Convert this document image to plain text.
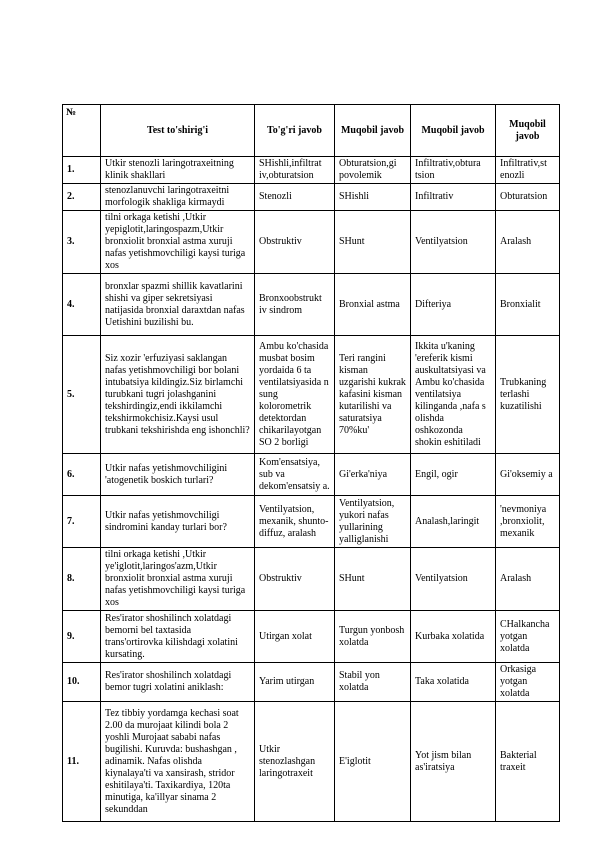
№	Test to'shirig'i	To'g'ri javob	Muqobil javob	Muqobil javob	Muqobil javob
1.	Utkir stenozli laringotraxeitning klinik shakllari	SHishli,infiltrat iv,obturatsion	Obturatsion,gi povolemik	Infiltrativ,obtura tsion	Infiltrativ,st enozli
2.	stenozlanuvchi laringotraxeitni morfologik shakliga kirmaydi	Stenozli	SHishli	Infiltrativ	Obturatsion
3.	tilni orkaga ketishi ,Utkir yepiglotit,laringospazm,Utkir bronxiolit bronxial astma xuruji nafas yetishmovchiligi kaysi turiga xos	Obstruktiv	SHunt	Ventilyatsion	Aralash
4.	bronxlar spazmi shillik kavatlarini shishi va giper sekretsiyasi natijasida bronxial daraxtdan nafas Uetishini buzilishi bu.	Bronxoobstrukt iv sindrom	Bronxial astma	Difteriya	Bronxialit
5.	Siz xozir 'erfuziyasi saklangan nafas yetishmovchiligi bor bolani intubatsiya kildingiz.Siz birlamchi turubkani tugri jolashganini tekshirdingiz,endi ikkilamchi tekshirmokchisiz.Kaysi usul trubkani tekshirishda eng ishonchli?	Ambu ko'chasida musbat bosim yordaida 6 ta ventilatsiyasida n sung kolorometrik detektordan chikarilayotgan SO 2 borligi	Teri rangini kisman uzgarishi kukrak kafasini kisman kutarilishi va saturatsiya 70%ku'	Ikkita u'kaning 'ereferik kismi auskultatsiyasi va Ambu ko'chasida ventilatsiya kilinganda ,nafa s olishda oshkozonda shokin eshitiladi	Trubkaning terlashi kuzatilishi
6.	Utkir nafas yetishmovchiligini 'atogenetik boskich turlari?	Kom'ensatsiya, sub va dekom'ensatsiy a.	Gi'erka'niya	Engil, ogir	Gi'oksemiy a
7.	Utkir nafas yetishmovchiligi sindromini kanday turlari bor?	Ventilyatsion, mexanik, shunto-diffuz, aralash	Ventilyatsion, yukori nafas yullarining yalliglanishi	Analash,laringit	'nevmoniya ,bronxiolit, mexanik
8.	tilni orkaga ketishi ,Utkir ye'iglotit,laringos'azm,Utkir bronxiolit bronxial astma xuruji nafas yetishmovchiligi kaysi turiga xos	Obstruktiv	SHunt	Ventilyatsion	Aralash
9.	Res'irator shoshilinch xolatdagi bemorni bel taxtasida trans'ortirovka kilishdagi xolatini kursating.	Utirgan xolat	Turgun yonbosh xolatda	Kurbaka xolatida	CHalkancha yotgan xolatda
10.	Res'irator shoshilinch xolatdagi bemor tugri xolatini aniklash:	Yarim utirgan	Stabil yon xolatda	Taka xolatida	Orkasiga yotgan xolatda
11.	Tez tibbiy yordamga kechasi soat 2.00 da murojaat kilindi bola 2 yoshli Murojaat sababi nafas bugilishi. Kuruvda: bushashgan , adinamik. Nafas olishda kiynalaya'ti va xansirash, stridor eshitilaya'ti. Taxikardiya, 120ta minutiga, ka'illyar sinama 2 sekunddan	Utkir stenozlashgan laringotraxeit	E'iglotit	Yot jism bilan as'iratsiya	Bakterial traxeit
